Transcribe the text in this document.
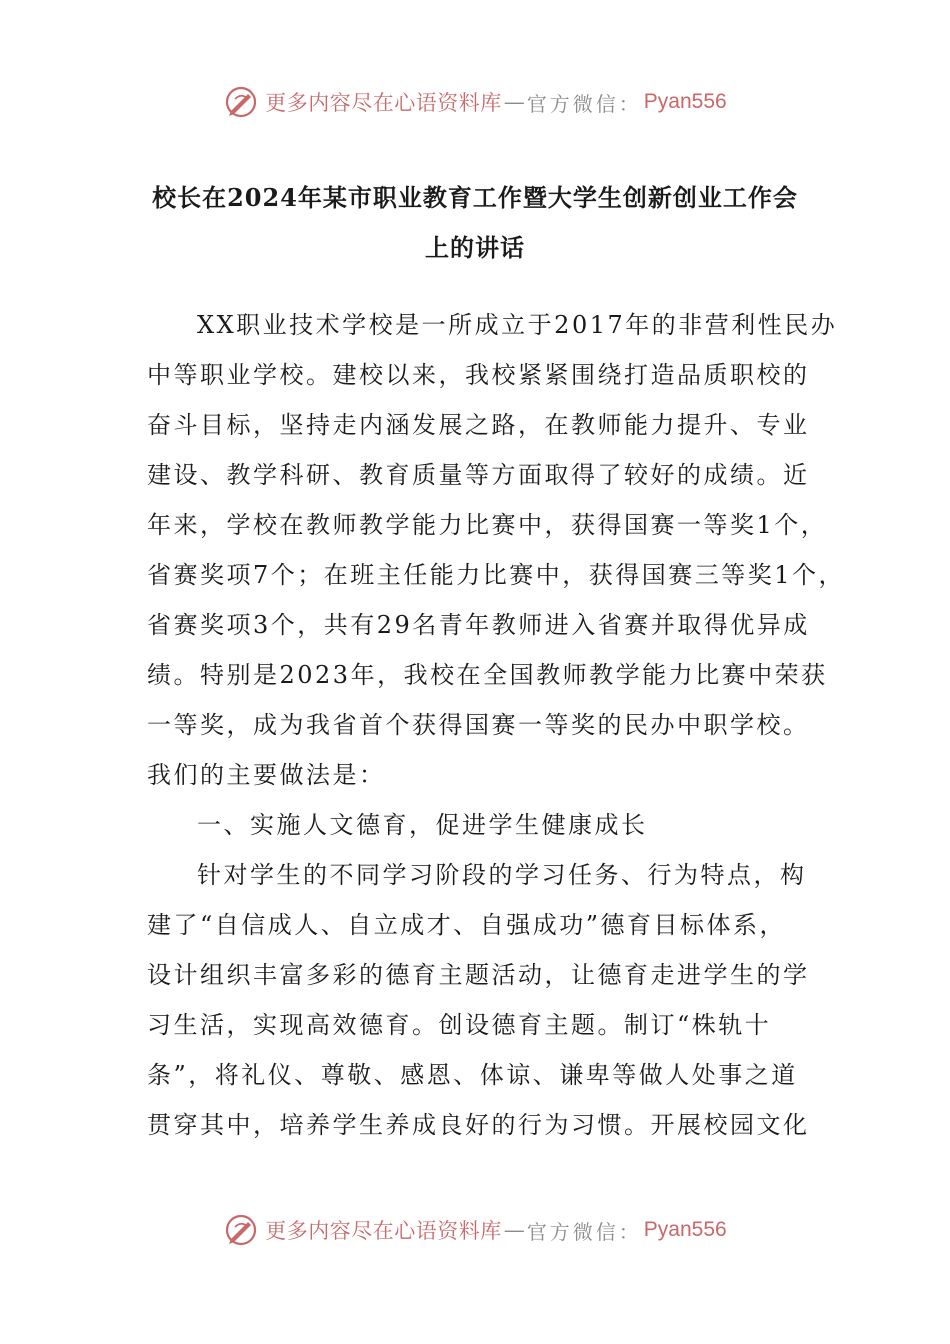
更多内容尽在心语资料库 — 官方微信： Pyan556
校长在2024年某市职业教育工作暨大学生创新创业工作会
上的讲话
XX职业技术学校是一所成立于2017年的非营利性民办
中等职业学校。建校以来，我校紧紧围绕打造品质职校的
奋斗目标，坚持走内涵发展之路，在教师能力提升、专业
建设、教学科研、教育质量等方面取得了较好的成绩。近
年来，学校在教师教学能力比赛中，获得国赛一等奖1个，
省赛奖项7个；在班主任能力比赛中，获得国赛三等奖1个，
省赛奖项3个，共有29名青年教师进入省赛并取得优异成
绩。特别是2023年，我校在全国教师教学能力比赛中荣获
一等奖，成为我省首个获得国赛一等奖的民办中职学校。
我们的主要做法是：
一、实施人文德育，促进学生健康成长
针对学生的不同学习阶段的学习任务、行为特点，构
建了“自信成人、自立成才、自强成功”德育目标体系，
设计组织丰富多彩的德育主题活动，让德育走进学生的学
习生活，实现高效德育。创设德育主题。制订“株轨十
条”，将礼仪、尊敬、感恩、体谅、谦卑等做人处事之道
贯穿其中，培养学生养成良好的行为习惯。开展校园文化
更多内容尽在心语资料库 — 官方微信： Pyan556
